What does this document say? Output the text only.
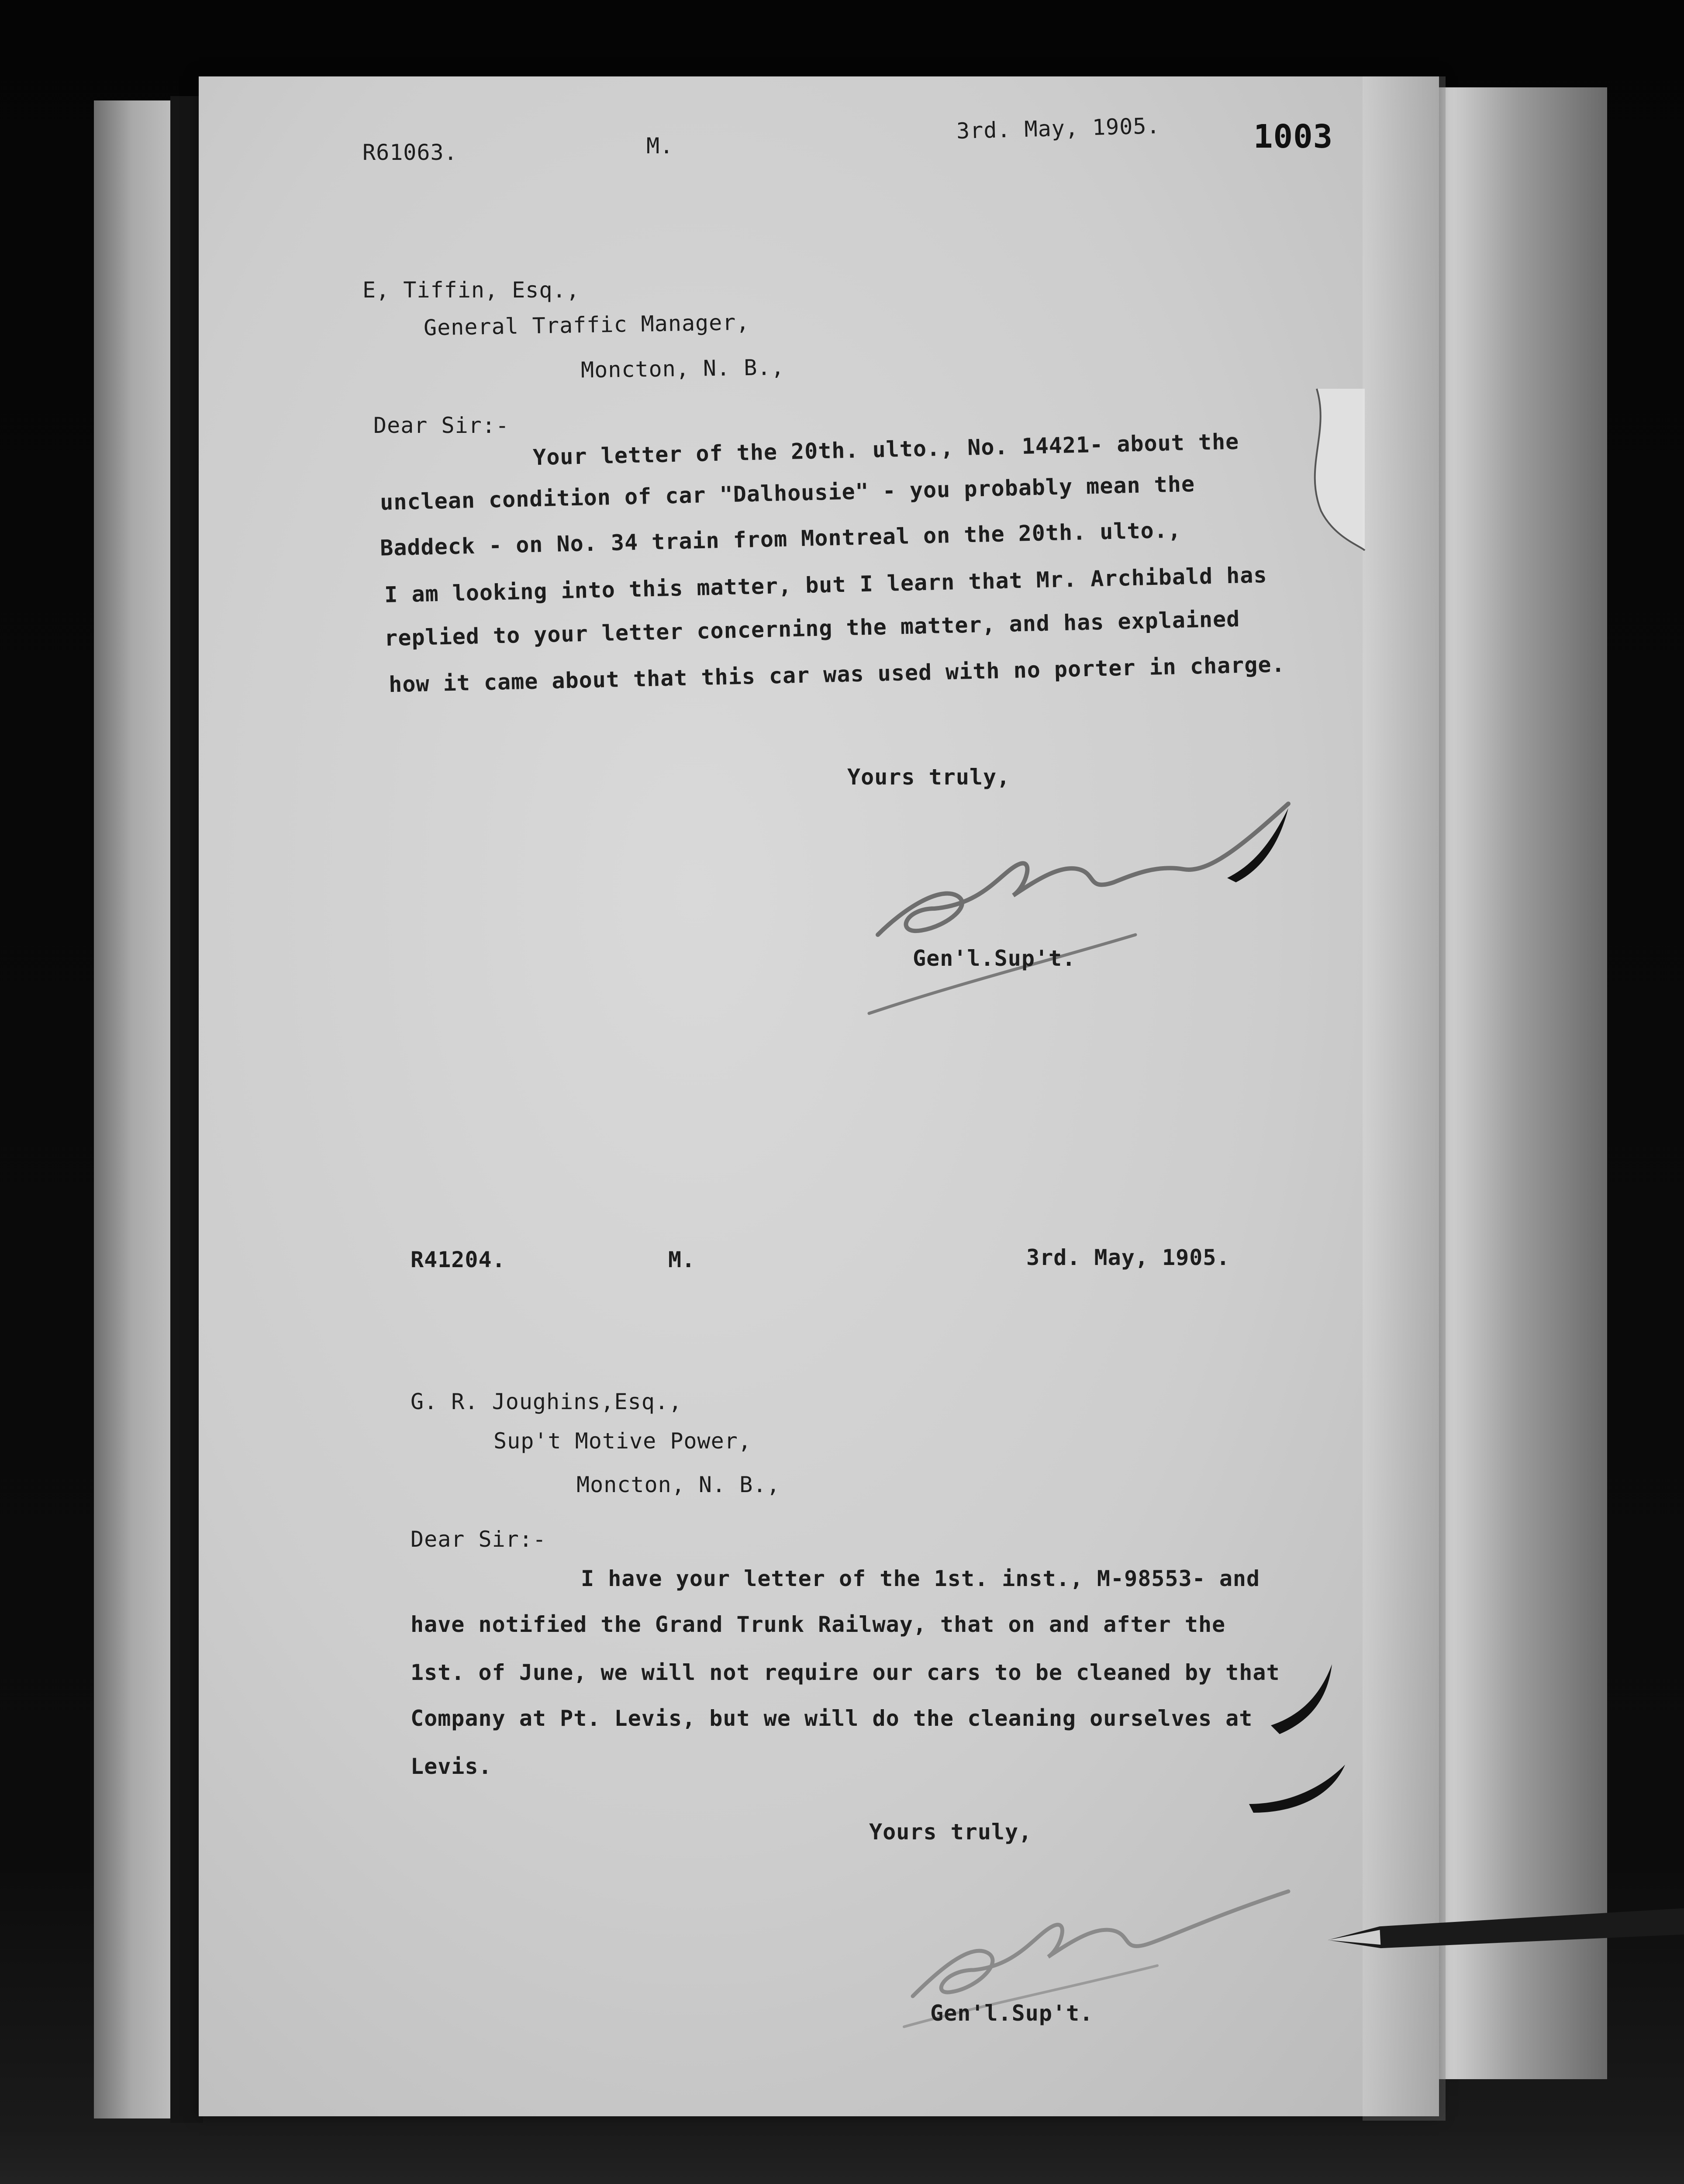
R61063.	M.
3rd. May, 1905.	1003
E, Tiffin, Esq.,
General Traffic Manager,
Moncton, N. B.,
Dear Sir:-
Your letter of the 20th. ulto., No. 14421- about the
unclean condition of car "Dalhousie" - you probably mean the
Baddeck - on No. 34 train from Montreal on the 20th. ulto.,
I am looking into this matter, but I learn that Mr. Archibald has
replied to your letter concerning the matter, and has explained
how it came about that this car was used with no porter in charge.
Yours truly,
Gen'l.Sup't.
R41204.	M.	3rd. May, 1905.
G. R. Joughins,Esq.,
Sup't Motive Power,
Moncton, N. B.,
Dear Sir:-
I have your letter of the 1st. inst., M-98553- and
have notified the Grand Trunk Railway, that on and after the
1st. of June, we will not require our cars to be cleaned by that
Company at Pt. Levis, but we will do the cleaning ourselves at
Levis.
Yours truly,
Gen'l.Sup't.
